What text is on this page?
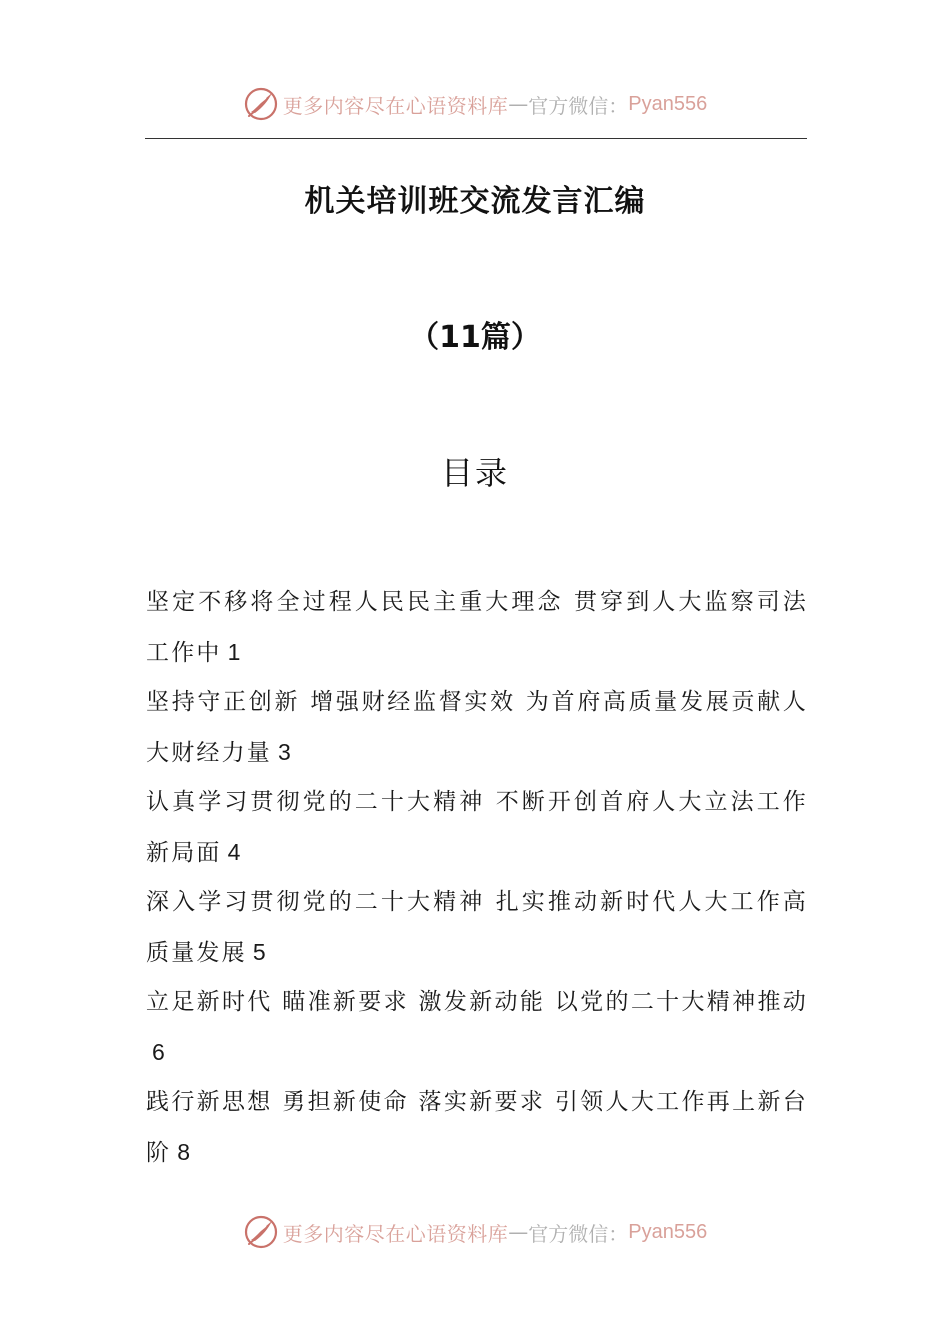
更多内容尽在心语资料库 — 官方微信： Pyan556
机关培训班交流发言汇编
（11篇）
目录
坚定不移将全过程人民民主重大理念 贯穿到人大监察司法工作中 1
坚持守正创新 增强财经监督实效 为首府高质量发展贡献人大财经力量 3
认真学习贯彻党的二十大精神 不断开创首府人大立法工作新局面 4
深入学习贯彻党的二十大精神 扎实推动新时代人大工作高质量发展 5
立足新时代 瞄准新要求 激发新动能 以党的二十大精神推动6
践行新思想 勇担新使命 落实新要求 引领人大工作再上新台阶 8
更多内容尽在心语资料库 — 官方微信： Pyan556
